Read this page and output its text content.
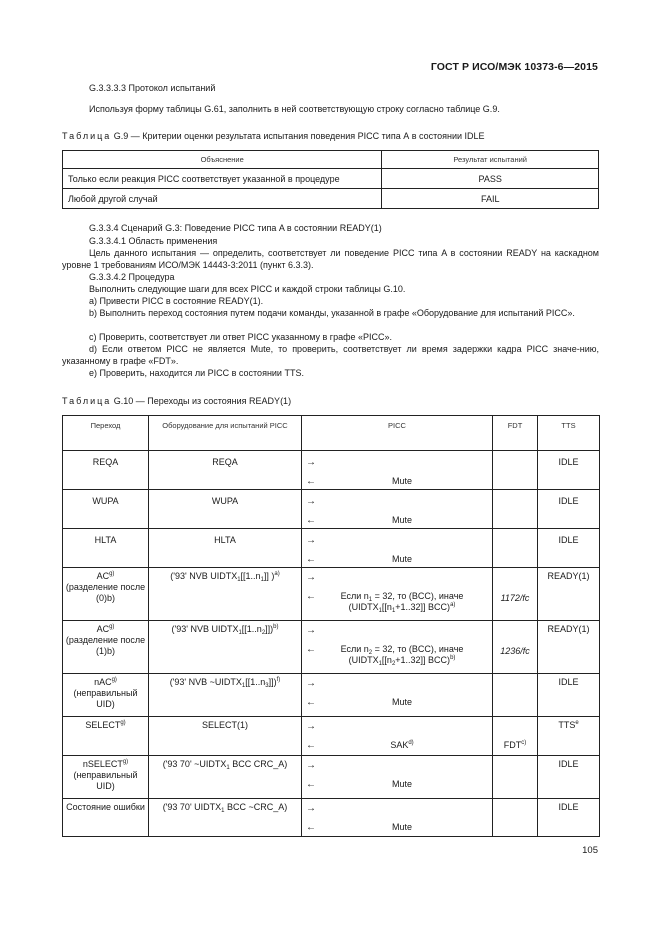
ГОСТ Р ИСО/МЭК 10373-6—2015
G.3.3.3.3 Протокол испытаний
Используя форму таблицы G.61, заполнить в ней соответствующую строку согласно таблице G.9.
Таблица G.9 — Критерии оценки результата испытания поведения PICC типа А в состоянии IDLE
Объяснение	Результат испытаний
Только если реакция PICC соответствует указанной в процедуре	PASS
Любой другой случай	FAIL
G.3.3.4 Сценарий G.3: Поведение PICC типа A в состоянии READY(1)
G.3.3.4.1 Область применения
Цель данного испытания — определить, соответствует ли поведение PICC типа A в состоянии READY на каскадном уровне 1 требованиям ИСО/МЭК 14443-3:2011 (пункт 6.3.3).
G.3.3.4.2 Процедура
Выполнить следующие шаги для всех PICC и каждой строки таблицы G.10.
a) Привести PICC в состояние READY(1).
b) Выполнить переход состояния путем подачи команды, указанной в графе «Оборудование для испытаний PICC».
c) Проверить, соответствует ли ответ PICC указанному в графе «PICC».
d) Если ответом PICC не является Mute, то проверить, соответствует ли время задержки кадра PICC значе-нию, указанному в графе «FDT».
e) Проверить, находится ли PICC в состоянии TTS.
Таблица G.10 — Переходы из состояния READY(1)
Переход	Оборудование для испытаний PICC	PICC	FDT	TTS
REQA	REQA	→
← Mute		IDLE
WUPA	WUPA	→
← Mute		IDLE
HLTA	HLTA	→
← Mute		IDLE
AC$^{g)}$
(разделение после (0)b)	('93' NVB $UIDTX_1[[1..n_1]]$ )$^{a)}$	→
← Если $n_1 = 32$, то (BCC), иначе
($UIDTX_1[[n_1+1..32]]$ BCC)$^{a)}$	1172/fc	READY(1)
AC$^{g)}$
(разделение после (1)b)	('93' NVB $UIDTX_1[[1..n_2]])^{b)}$	→
← Если $n_2 = 32$, то (BCC), иначе
($UIDTX_1[[n_2+1..32]]$ BCC)$^{b)}$	1236/fc	READY(1)
nAC$^{g)}$
(неправильный UID)	('93' NVB $\sim UIDTX_1[[1..n_3]])^{f)}$	→
← Mute		IDLE
SELECT$^{g)}$	SELECT(1)	→
← SAK$^{d)}$	FDT$^{c)}$	TTS$^e$
nSELECT$^{g)}$
(неправильный UID)	('93 70' $\sim UIDTX_1$ BCC CRC_A)	→
← Mute		IDLE
Состояние ошибки	('93 70' $UIDTX_1$ BCC ~CRC_A)	→
← Mute		IDLE
105
